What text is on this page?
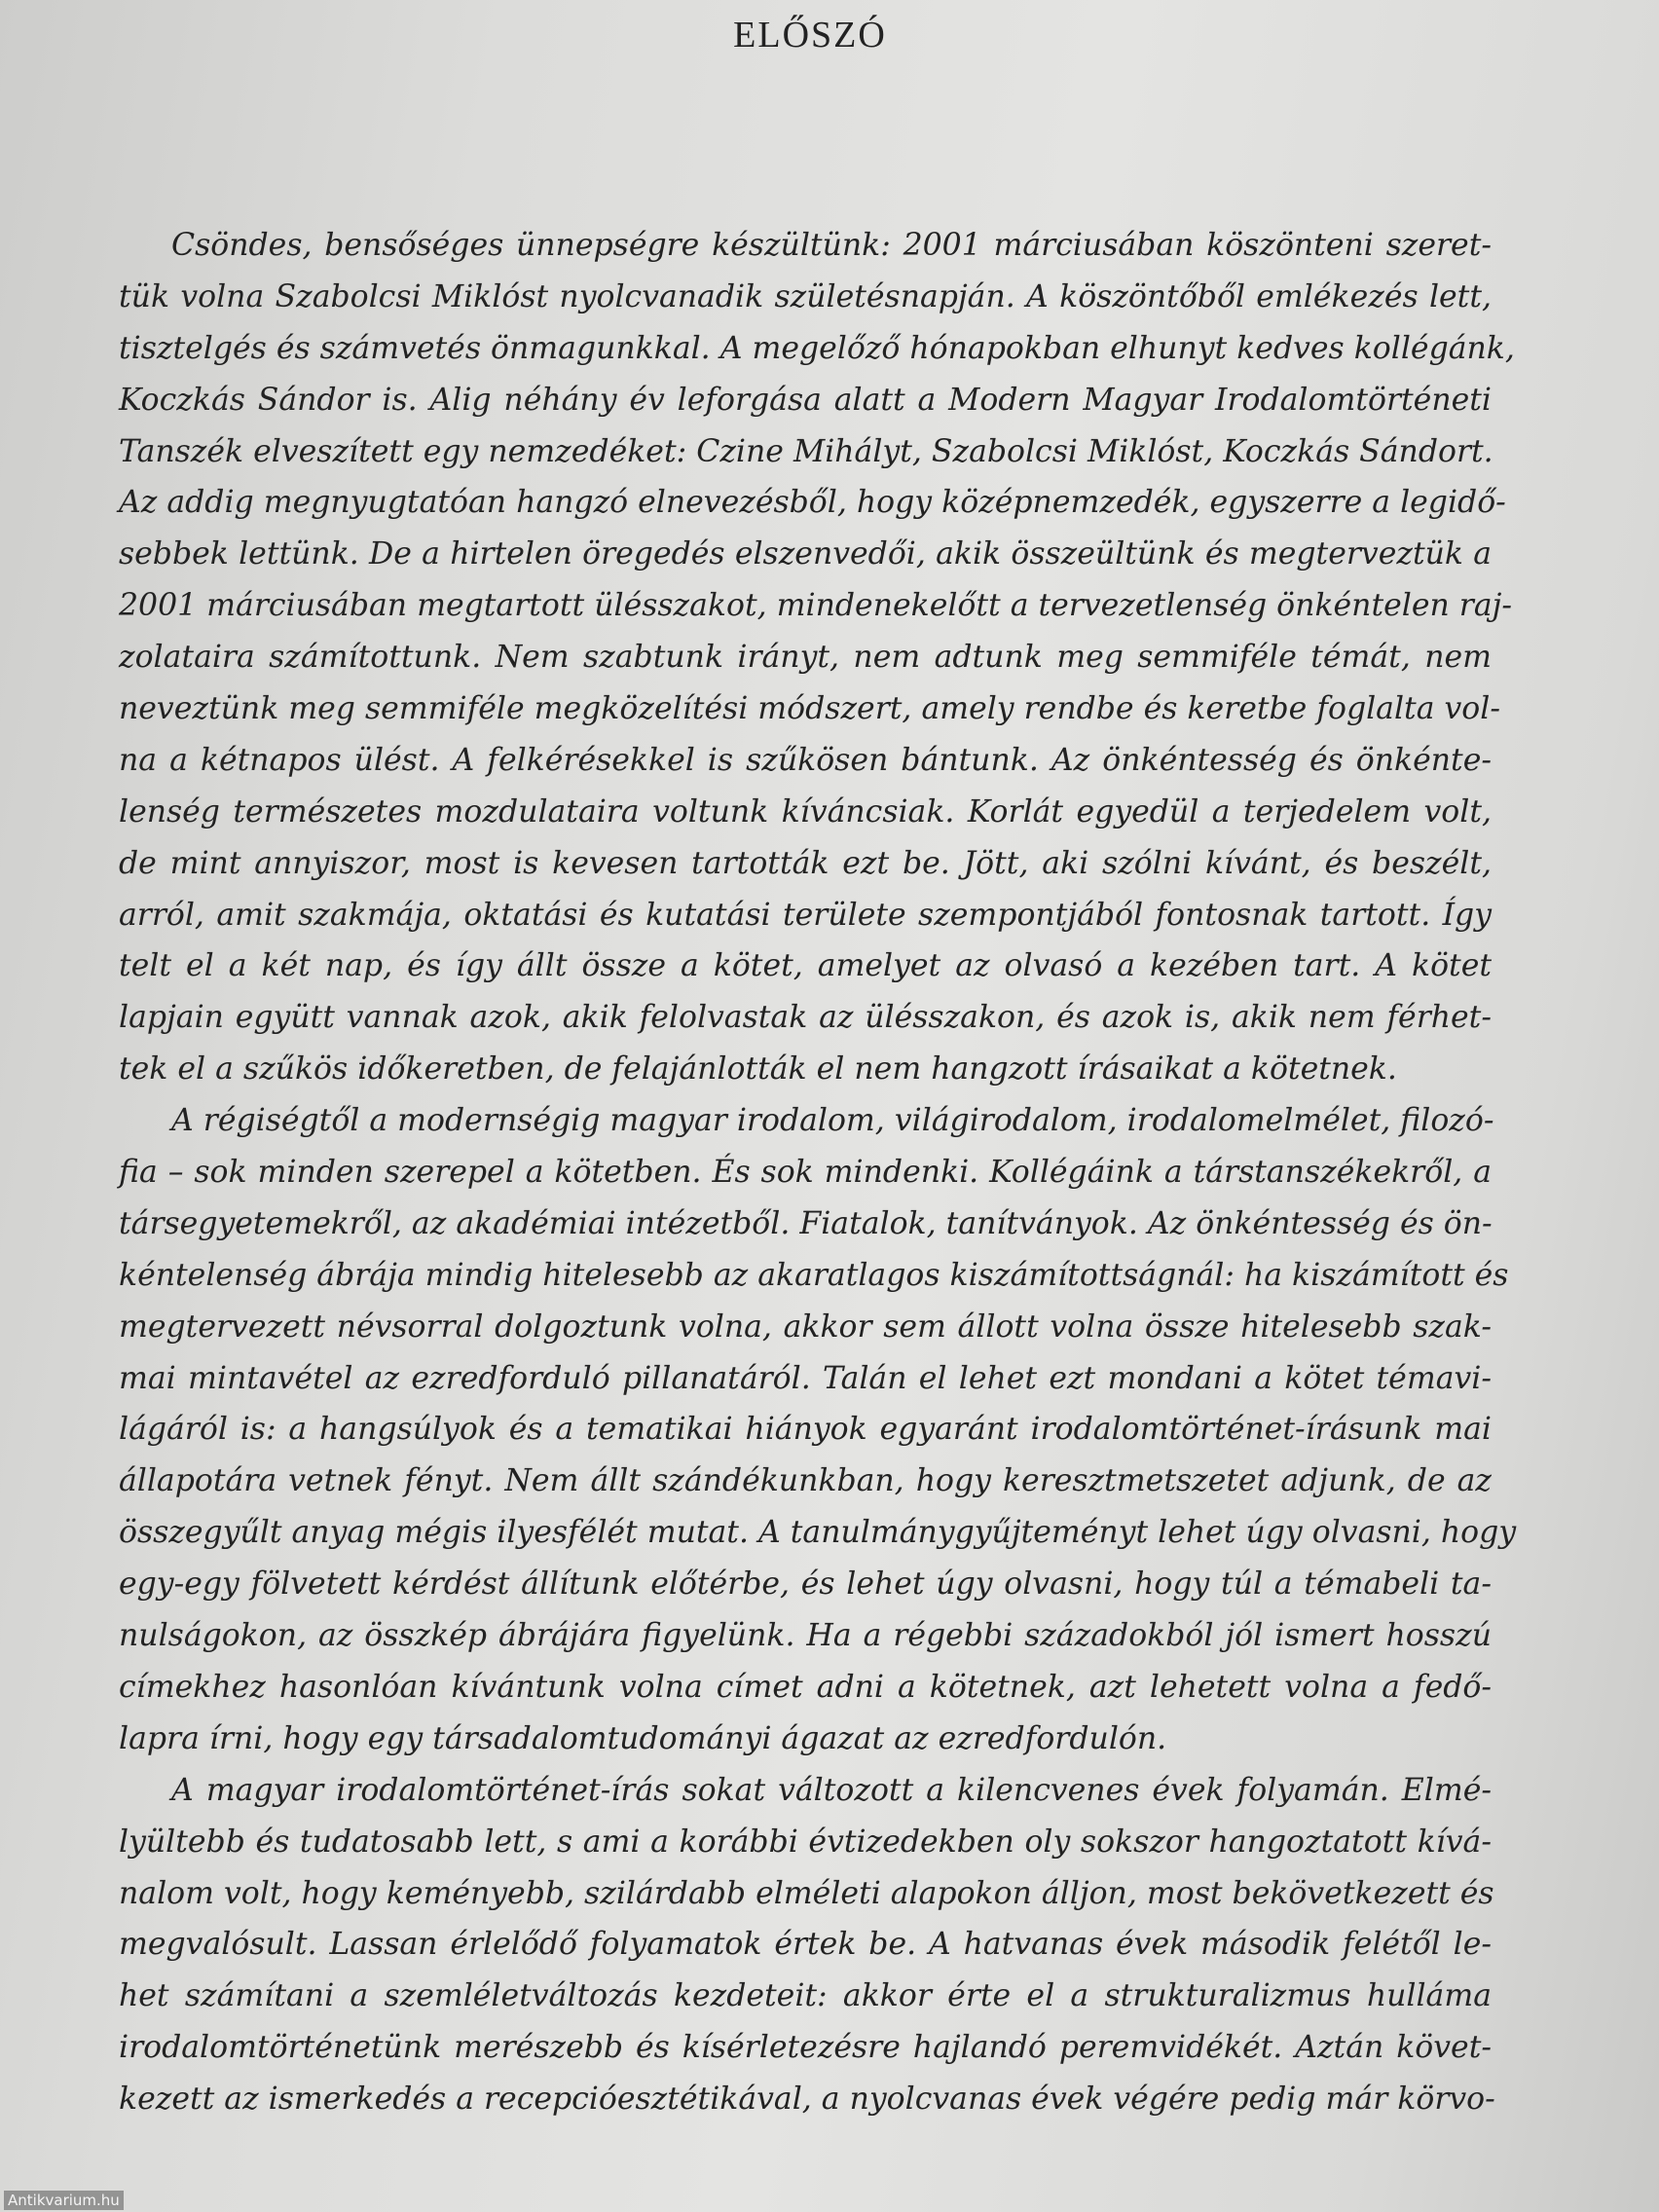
ELŐSZÓ
Csöndes, bensőséges ünnepségre készültünk: 2001 márciusában köszönteni szeret-
tük volna Szabolcsi Miklóst nyolcvanadik születésnapján. A köszöntőből emlékezés lett,
tisztelgés és számvetés önmagunkkal. A megelőző hónapokban elhunyt kedves kollégánk,
Koczkás Sándor is. Alig néhány év leforgása alatt a Modern Magyar Irodalomtörténeti
Tanszék elveszített egy nemzedéket: Czine Mihályt, Szabolcsi Miklóst, Koczkás Sándort.
Az addig megnyugtatóan hangzó elnevezésből, hogy középnemzedék, egyszerre a legidő-
sebbek lettünk. De a hirtelen öregedés elszenvedői, akik összeültünk és megterveztük a
2001 márciusában megtartott ülésszakot, mindenekelőtt a tervezetlenség önkéntelen raj-
zolataira számítottunk. Nem szabtunk irányt, nem adtunk meg semmiféle témát, nem
neveztünk meg semmiféle megközelítési módszert, amely rendbe és keretbe foglalta vol-
na a kétnapos ülést. A felkérésekkel is szűkösen bántunk. Az önkéntesség és önkénte-
lenség természetes mozdulataira voltunk kíváncsiak. Korlát egyedül a terjedelem volt,
de mint annyiszor, most is kevesen tartották ezt be. Jött, aki szólni kívánt, és beszélt,
arról, amit szakmája, oktatási és kutatási területe szempontjából fontosnak tartott. Így
telt el a két nap, és így állt össze a kötet, amelyet az olvasó a kezében tart. A kötet
lapjain együtt vannak azok, akik felolvastak az ülésszakon, és azok is, akik nem férhet-
tek el a szűkös időkeretben, de felajánlották el nem hangzott írásaikat a kötetnek.
A régiségtől a modernségig magyar irodalom, világirodalom, irodalomelmélet, filozó-
fia – sok minden szerepel a kötetben. És sok mindenki. Kollégáink a társtanszékekről, a
társegyetemekről, az akadémiai intézetből. Fiatalok, tanítványok. Az önkéntesség és ön-
kéntelenség ábrája mindig hitelesebb az akaratlagos kiszámítottságnál: ha kiszámított és
megtervezett névsorral dolgoztunk volna, akkor sem állott volna össze hitelesebb szak-
mai mintavétel az ezredforduló pillanatáról. Talán el lehet ezt mondani a kötet témavi-
lágáról is: a hangsúlyok és a tematikai hiányok egyaránt irodalomtörténet-írásunk mai
állapotára vetnek fényt. Nem állt szándékunkban, hogy keresztmetszetet adjunk, de az
összegyűlt anyag mégis ilyesfélét mutat. A tanulmánygyűjteményt lehet úgy olvasni, hogy
egy-egy fölvetett kérdést állítunk előtérbe, és lehet úgy olvasni, hogy túl a témabeli ta-
nulságokon, az összkép ábrájára figyelünk. Ha a régebbi századokból jól ismert hosszú
címekhez hasonlóan kívántunk volna címet adni a kötetnek, azt lehetett volna a fedő-
lapra írni, hogy egy társadalomtudományi ágazat az ezredfordulón.
A magyar irodalomtörténet-írás sokat változott a kilencvenes évek folyamán. Elmé-
lyültebb és tudatosabb lett, s ami a korábbi évtizedekben oly sokszor hangoztatott kívá-
nalom volt, hogy keményebb, szilárdabb elméleti alapokon álljon, most bekövetkezett és
megvalósult. Lassan érlelődő folyamatok értek be. A hatvanas évek második felétől le-
het számítani a szemléletváltozás kezdeteit: akkor érte el a strukturalizmus hulláma
irodalomtörténetünk merészebb és kísérletezésre hajlandó peremvidékét. Aztán követ-
kezett az ismerkedés a recepcióesztétikával, a nyolcvanas évek végére pedig már körvo-
Antikvarium.hu
